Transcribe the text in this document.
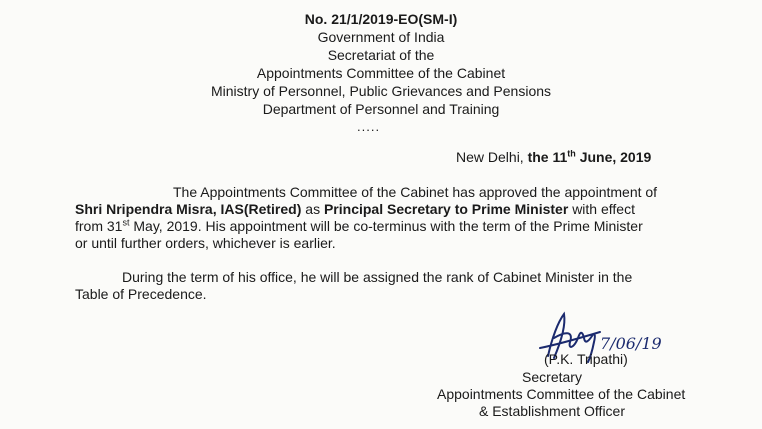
No. 21/1/2019-EO(SM-I)
Government of India
Secretariat of the
Appointments Committee of the Cabinet
Ministry of Personnel, Public Grievances and Pensions
Department of Personnel and Training
.....
New Delhi, the 11th June, 2019
The Appointments Committee of the Cabinet has approved the appointment of
Shri Nripendra Misra, IAS(Retired) as Principal Secretary to Prime Minister with effect
from 31st May, 2019. His appointment will be co-terminus with the term of the Prime Minister
or until further orders, whichever is earlier.
During the term of his office, he will be assigned the rank of Cabinet Minister in the
Table of Precedence.
7/06/19
(P.K. Tripathi)
Secretary
Appointments Committee of the Cabinet
& Establishment Officer
